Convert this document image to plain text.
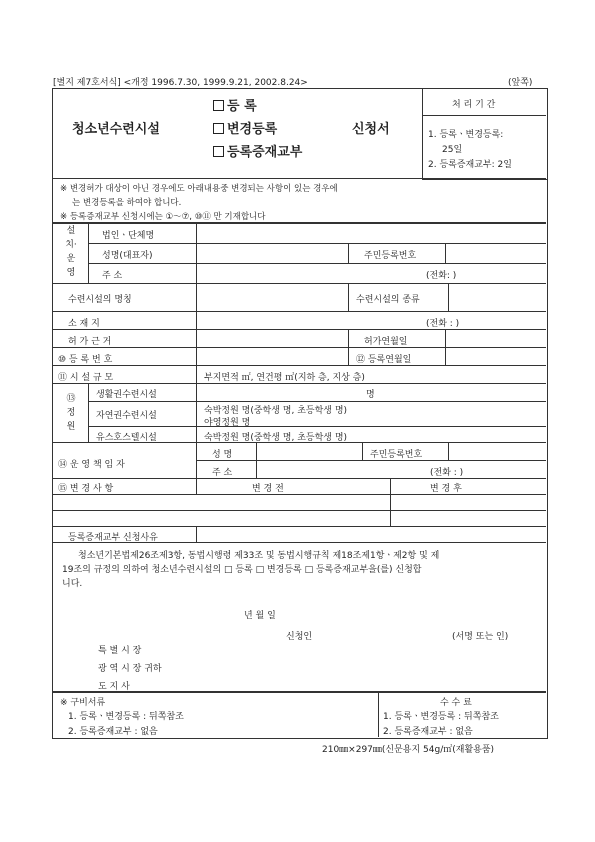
[별지 제7호서식] <개정 1996.7.30, 1999.9.21, 2002.8.24>	(앞쪽)
청소년수련시설
등 록
변경등록
등록증재교부
신청서
처 리 기 간
1. 등록ㆍ변경등록:
25일
2. 등록증재교부: 2일
※ 변경허가 대상이 아닌 경우에도 아래내용중 변경되는 사항이 있는 경우에
는 변경등록을 하여야 합니다.
※ 등록증재교부 신청시에는 ①～⑦, ⑩⑪ 만 기재합니다
설치·운영
법인ㆍ단체명
성명(대표자)	주민등록번호
주 소	(전화: )
수련시설의 명칭	수련시설의 종류
소 재 지	(전화 : )
허 가 근 거	허가연월일
⑩ 등 록 번 호	⑫ 등록연월일
⑪ 시 설 규 모	부지면적 ㎡, 연건평 ㎡(지하 층, 지상 층)
⑬ 정 원
생활권수련시설	명
자연권수련시설	숙박정원 명(중학생 명, 초등학생 명)
야영정원 명
유스호스텔시설	숙박정원 명(중학생 명, 초등학생 명)
⑭ 운 영 책 임 자
성 명	주민등록번호
주 소	(전화 : )
⑮ 변 경 사 항	변 경 전	변 경 후
등록증재교부 신청사유
청소년기본법제26조제3항, 동법시행령 제33조 및 동법시행규칙 제18조제1항ㆍ제2항 및 제
19조의 규정의 의하여 청소년수련시설의 □ 등록 □ 변경등록 □ 등록증재교부을(를) 신청합
니다.
년 월 일
신청인	(서명 또는 인)
특 별 시 장
광 역 시 장 귀하
도 지 사
※ 구비서류
1. 등록ㆍ변경등록 : 뒤쪽참조
2. 등록증재교부 : 없음
수 수 료
1. 등록ㆍ변경등록 : 뒤쪽참조
2. 등록증재교부 : 없음
210㎜×297㎜(신문용지 54g/㎡(재활용품)
